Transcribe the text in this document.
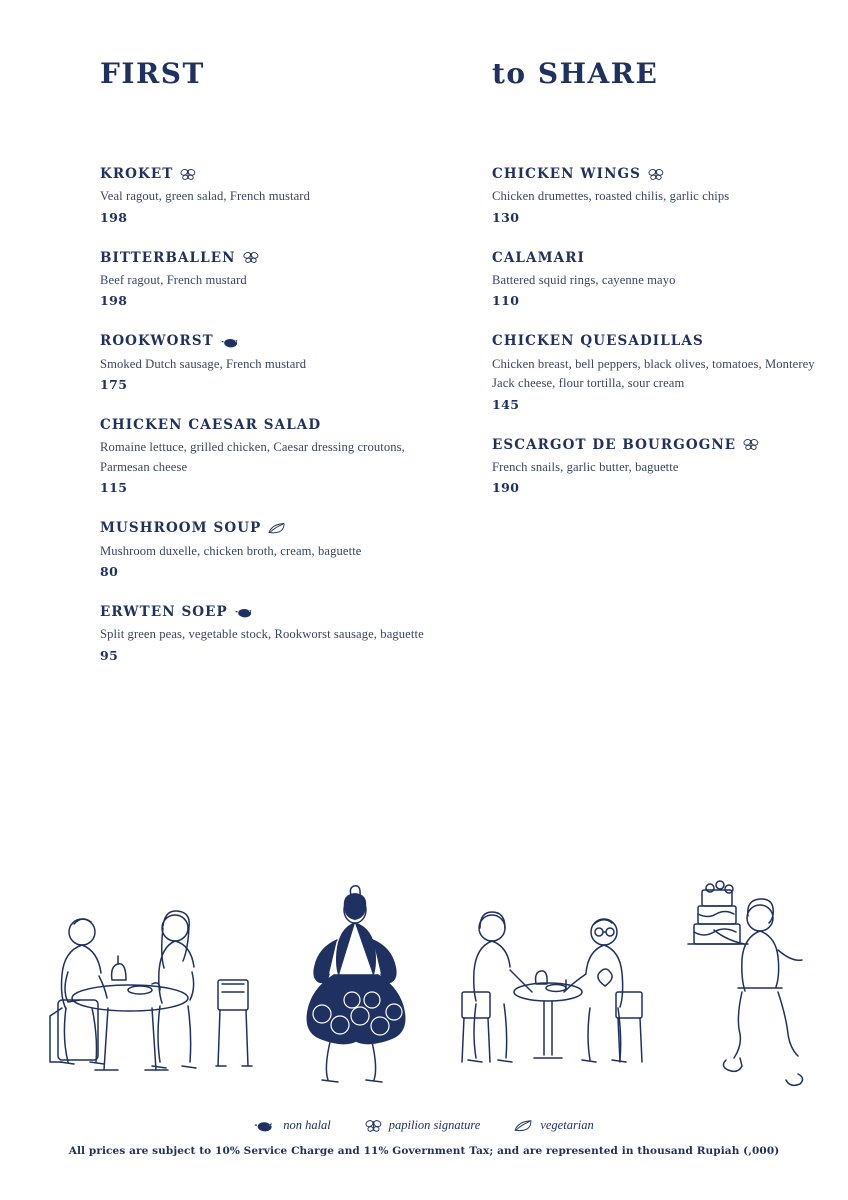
FIRST
KROKET

Veal ragout, green salad, French mustard

198

BITTERBALLEN

Beef ragout, French mustard

198

ROOKWORST

Smoked Dutch sausage, French mustard

175

CHICKEN CAESAR SALAD

Romaine lettuce, grilled chicken, Caesar dressing croutons, Parmesan cheese

115

MUSHROOM SOUP

Mushroom duxelle, chicken broth, cream, baguette

80

ERWTEN SOEP

Split green peas, vegetable stock, Rookworst sausage, baguette

95

to SHARE
CHICKEN WINGS

Chicken drumettes, roasted chilis, garlic chips

130

CALAMARI

Battered squid rings, cayenne mayo

110

CHICKEN QUESADILLAS

Chicken breast, bell peppers, black olives, tomatoes, Monterey Jack cheese, flour tortilla, sour cream

145

ESCARGOT DE BOURGOGNE

French snails, garlic butter, baguette

190

non halal	papilion signature	vegetarian
All prices are subject to 10% Service Charge and 11% Government Tax; and are represented in thousand Rupiah (,000)
